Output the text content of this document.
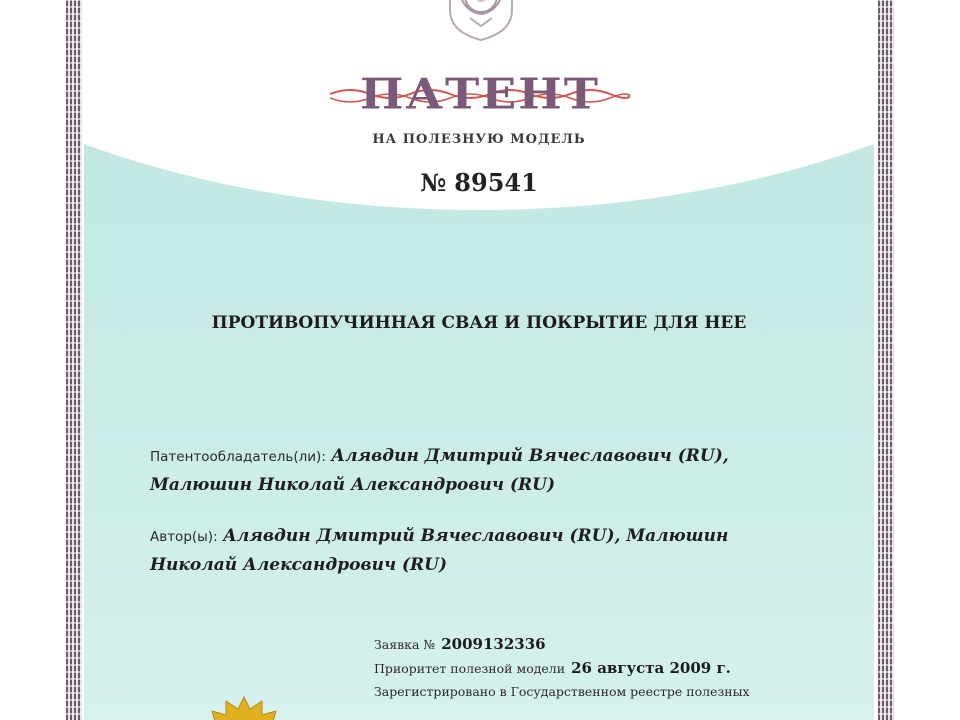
ПАТЕНТ
НА ПОЛЕЗНУЮ МОДЕЛЬ
№ 89541
ПРОТИВОПУЧИННАЯ СВАЯ И ПОКРЫТИЕ ДЛЯ НЕЕ
Патентообладатель(ли): Алявдин Дмитрий Вячеславович (RU),
Малюшин Николай Александрович (RU)
Автор(ы): Алявдин Дмитрий Вячеславович (RU), Малюшин
Николай Александрович (RU)
Заявка № 2009132336
Приоритет полезной модели 26 августа 2009 г.
Зарегистрировано в Государственном реестре полезных
